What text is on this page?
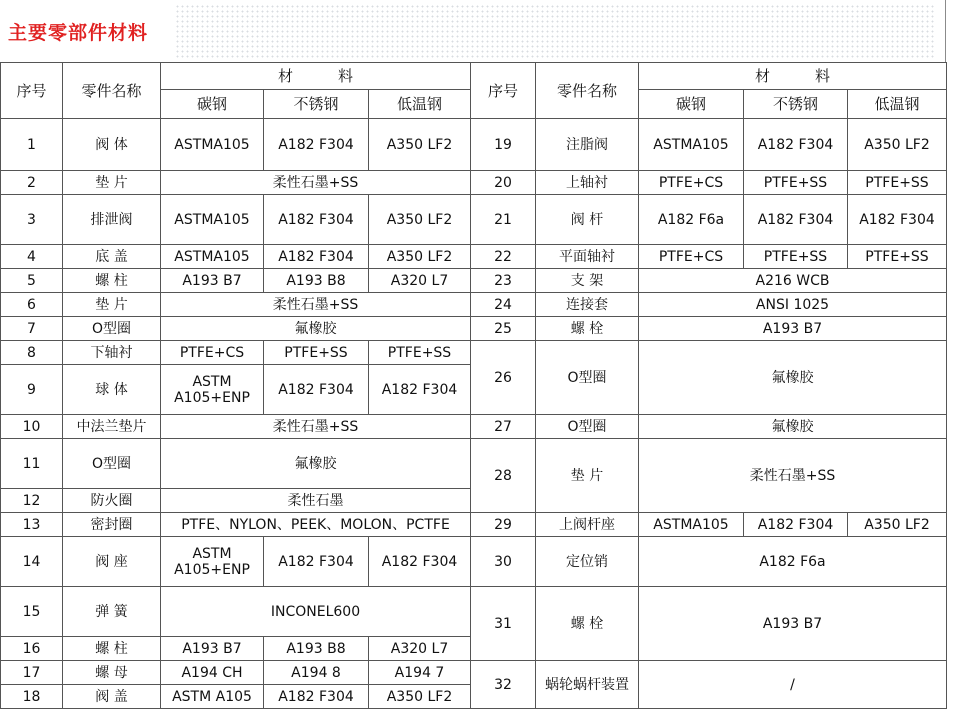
主要零部件材料
序号	零件名称	材　　　料			序号	零件名称	材　　　料		
		碳钢	不锈钢	低温钢			碳钢	不锈钢	低温钢
1	阀 体	ASTMA105	A182 F304	A350 LF2	19	注脂阀	ASTMA105	A182 F304	A350 LF2
2	垫 片	柔性石墨+SS			20	上轴衬	PTFE+CS	PTFE+SS	PTFE+SS
3	排泄阀	ASTMA105	A182 F304	A350 LF2	21	阀 杆	A182 F6a	A182 F304	A182 F304
4	底 盖	ASTMA105	A182 F304	A350 LF2	22	平面轴衬	PTFE+CS	PTFE+SS	PTFE+SS
5	螺 柱	A193 B7	A193 B8	A320 L7	23	支 架	A216 WCB		
6	垫 片	柔性石墨+SS			24	连接套	ANSI 1025		
7	O型圈	氟橡胶			25	螺 栓	A193 B7		
8	下轴衬	PTFE+CS	PTFE+SS	PTFE+SS	26	O型圈	氟橡胶		
9	球 体	ASTM A105+ENP	A182 F304	A182 F304					
10	中法兰垫片	柔性石墨+SS			27	O型圈	氟橡胶		
11	O型圈	氟橡胶			28	垫 片	柔性石墨+SS		
12	防火圈	柔性石墨							
13	密封圈	PTFE、NYLON、PEEK、MOLON、PCTFE			29	上阀杆座	ASTMA105	A182 F304	A350 LF2
14	阀 座	ASTM A105+ENP	A182 F304	A182 F304	30	定位销	A182 F6a		
15	弹 簧	INCONEL600			31	螺 栓	A193 B7		
16	螺 柱	A193 B7	A193 B8	A320 L7					
17	螺 母	A194 CH	A194 8	A194 7	32	蜗轮蜗杆装置	/		
18	阀 盖	ASTM A105	A182 F304	A350 LF2					
